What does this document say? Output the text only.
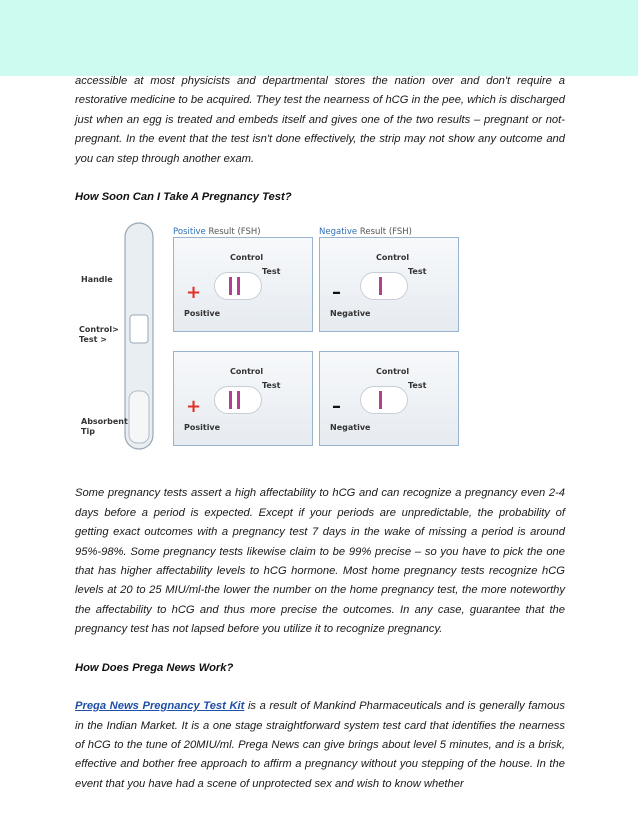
accessible at most physicists and departmental stores the nation over and don't require a restorative medicine to be acquired. They test the nearness of hCG in the pee, which is discharged just when an egg is treated and embeds itself and gives one of the two results – pregnant or not-pregnant. In the event that the test isn't done effectively, the strip may not show any outcome and you can step through another exam.

How Soon Can I Take A Pregnancy Test?

Handle
Control>
Test >
Absorbent
Tip
Positive Result (FSH)	Negative Result (FSH)
Control
Test
+
Positive
Control
Test
–
Negative
Control
Test
+
Positive
Control
Test
–
Negative

Some pregnancy tests assert a high affectability to hCG and can recognize a pregnancy even 2-4 days before a period is expected. Except if your periods are unpredictable, the probability of getting exact outcomes with a pregnancy test 7 days in the wake of missing a period is around 95%-98%. Some pregnancy tests likewise claim to be 99% precise – so you have to pick the one that has higher affectability levels to hCG hormone. Most home pregnancy tests recognize hCG levels at 20 to 25 MIU/ml-the lower the number on the home pregnancy test, the more noteworthy the affectability to hCG and thus more precise the outcomes. In any case, guarantee that the pregnancy test has not lapsed before you utilize it to recognize pregnancy.

How Does Prega News Work?

Prega News Pregnancy Test Kit is a result of Mankind Pharmaceuticals and is generally famous in the Indian Market. It is a one stage straightforward system test card that identifies the nearness of hCG to the tune of 20MIU/ml. Prega News can give brings about level 5 minutes, and is a brisk, effective and bother free approach to affirm a pregnancy without you stepping of the house. In the event that you have had a scene of unprotected sex and wish to know whether
